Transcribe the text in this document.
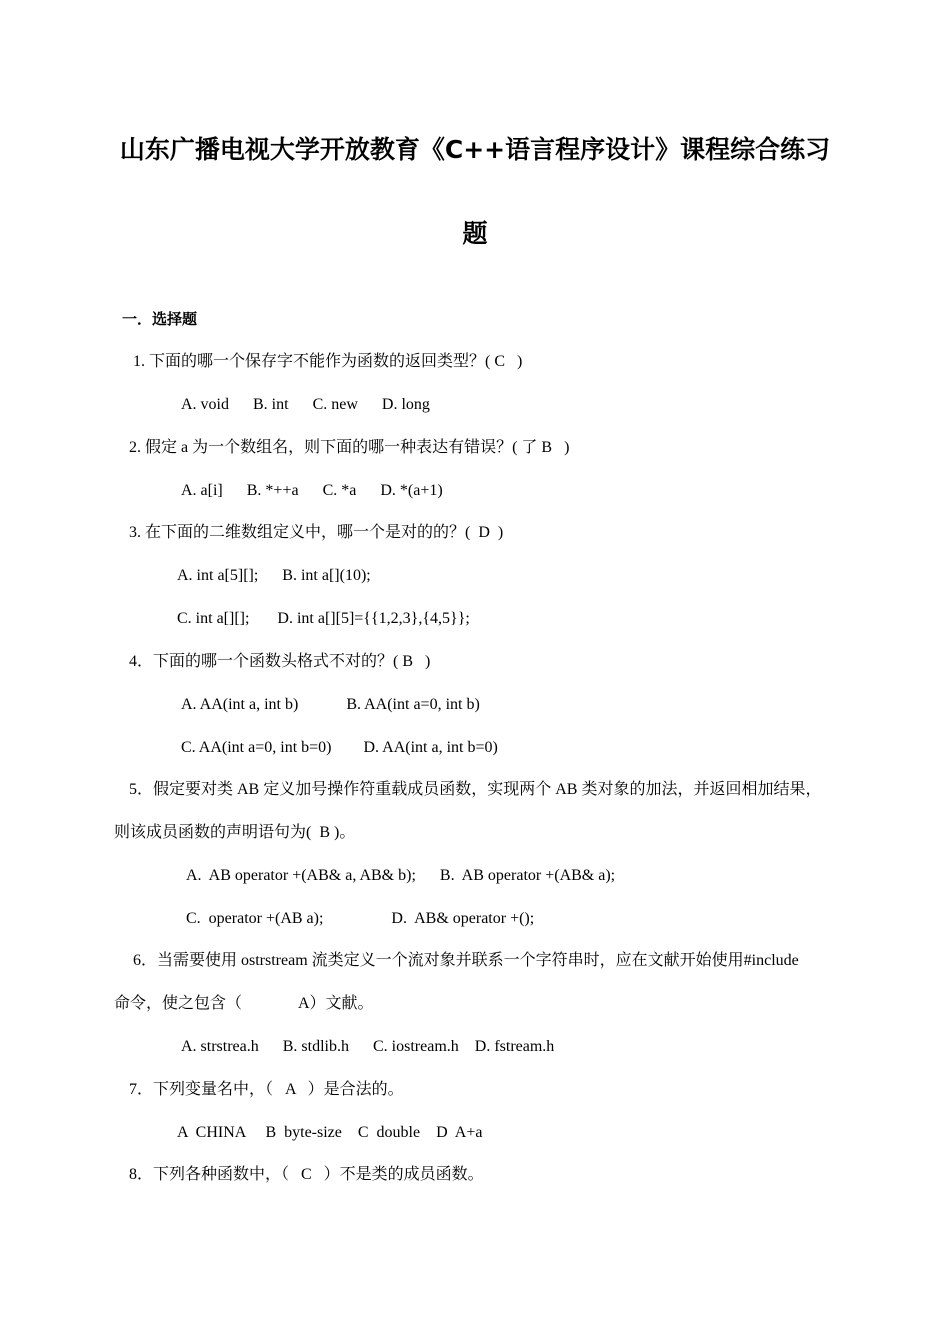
山东广播电视大学开放教育《C++语言程序设计》课程综合练习
题
一．选择题
1. 下面的哪一个保存字不能作为函数的返回类型？( C   )
A. void      B. int      C. new      D. long
2. 假定 a 为一个数组名，则下面的哪一种表达有错误？( 了 B   )
A. a[i]      B. *++a      C. *a      D. *(a+1)
3. 在下面的二维数组定义中，哪一个是对的的？(  D  )
A. int a[5][];      B. int a[](10);
C. int a[][];       D. int a[][5]={{1,2,3},{4,5}};
4．下面的哪一个函数头格式不对的？( B   )
A. AA(int a, int b)            B. AA(int a=0, int b)
C. AA(int a=0, int b=0)        D. AA(int a, int b=0)
5．假定要对类 AB 定义加号操作符重载成员函数，实现两个 AB 类对象的加法，并返回相加结果，
则该成员函数的声明语句为(  B )。
A.  AB operator +(AB& a, AB& b);      B.  AB operator +(AB& a);
C.  operator +(AB a);                 D.  AB& operator +();
6．当需要使用 ostrstream 流类定义一个流对象并联系一个字符串时，应在文献开始使用#include
命令，使之包含（              A）文献。
A. strstrea.h      B. stdlib.h      C. iostream.h    D. fstream.h
7．下列变量名中，（   A   ）是合法的。
A  CHINA     B  byte-size    C  double    D  A+a
8．下列各种函数中，（   C   ）不是类的成员函数。
